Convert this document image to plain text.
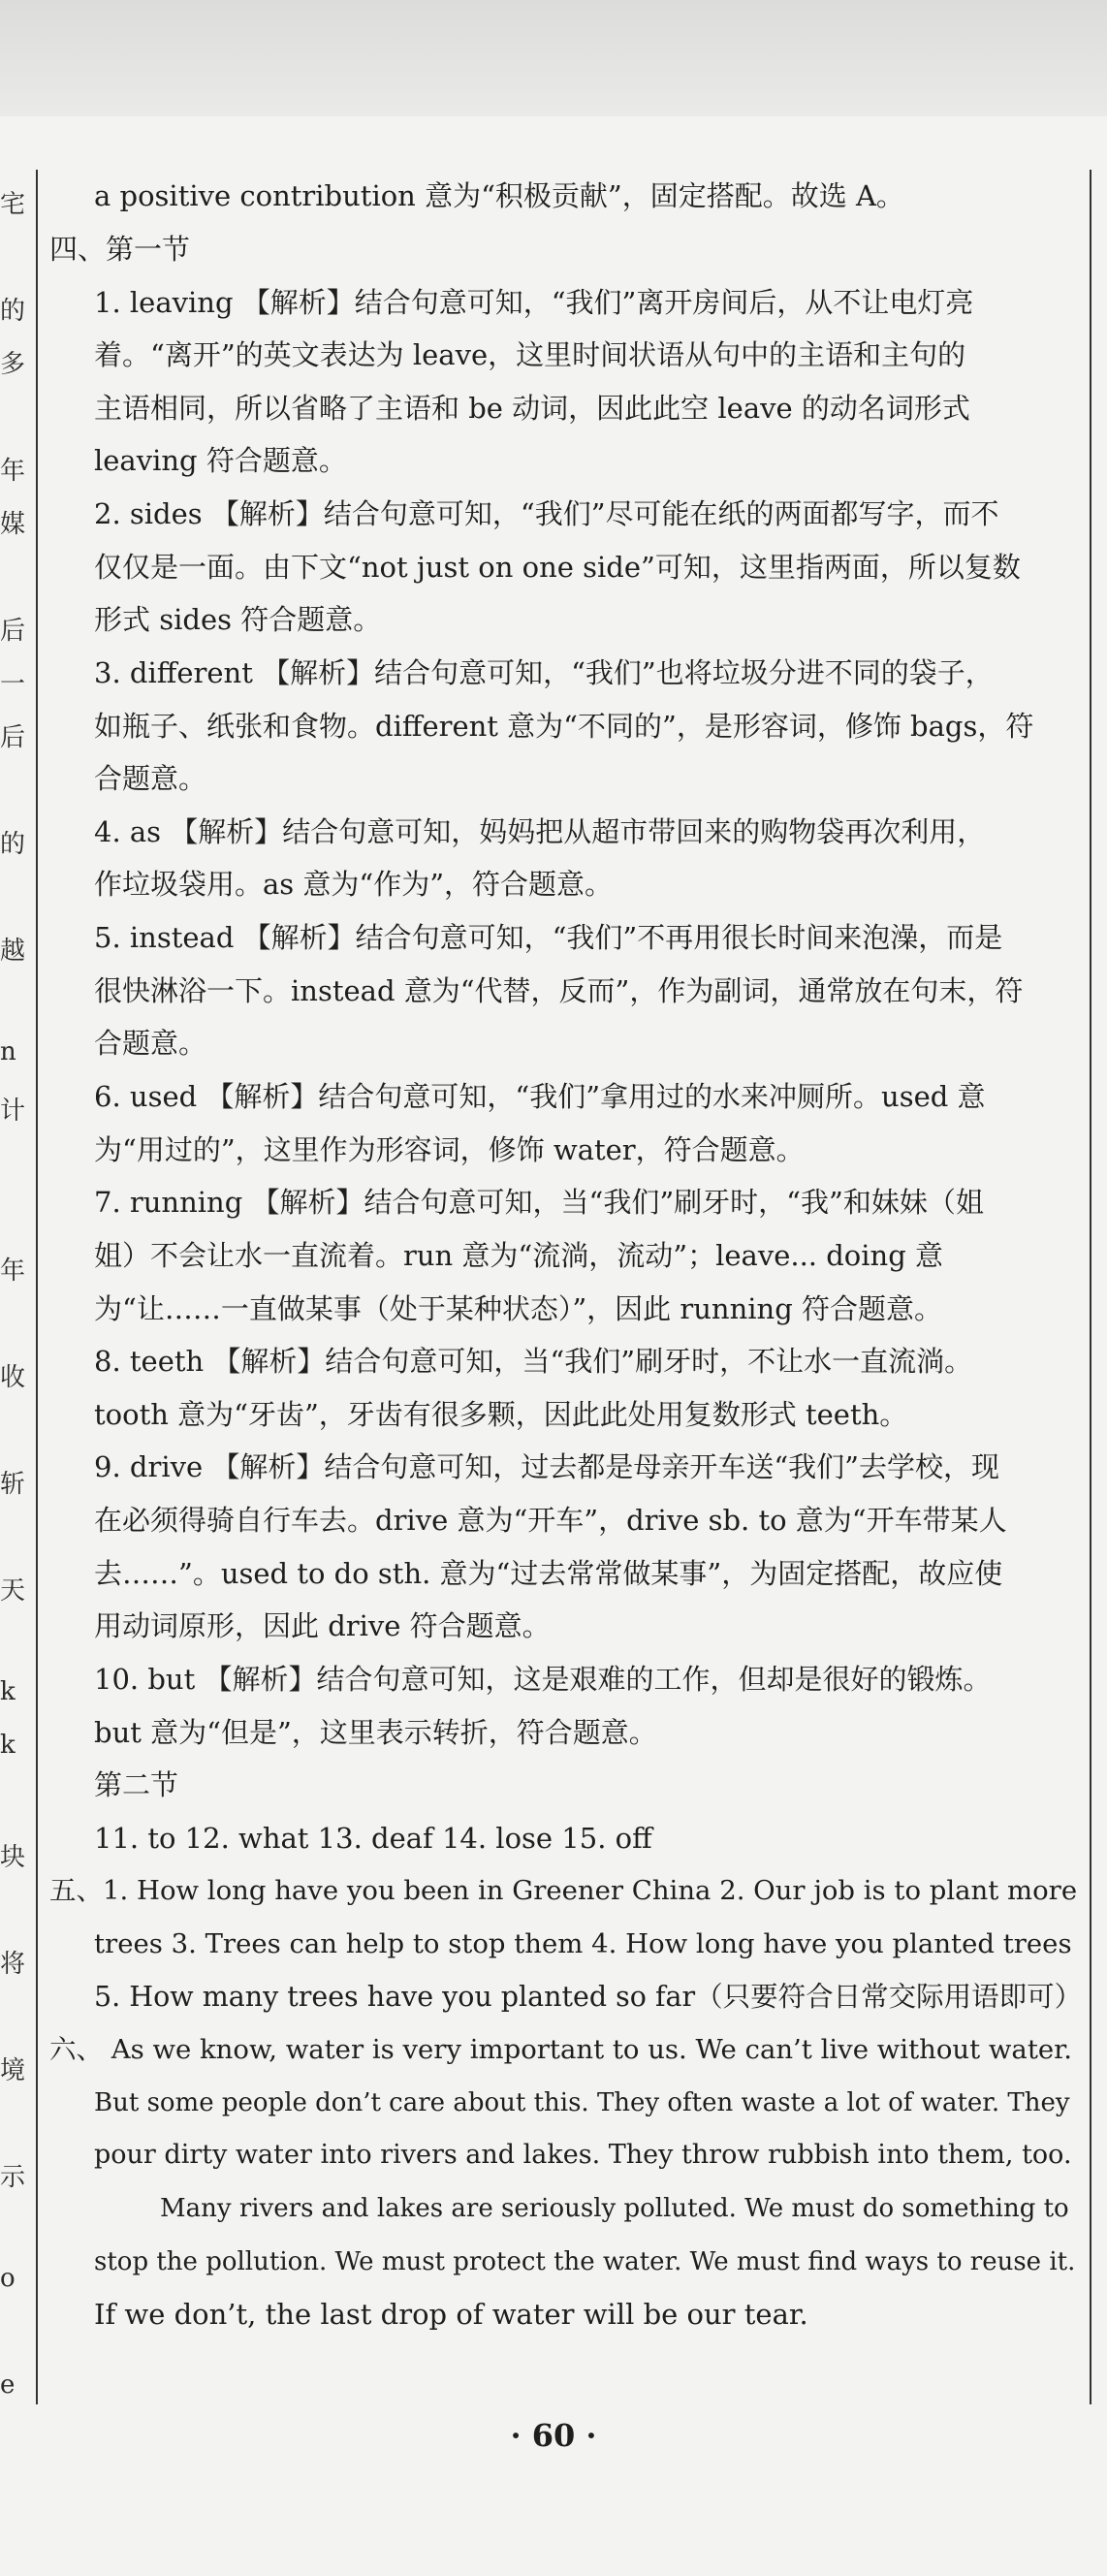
宅
的
多
年
媒
后
一
后
的
越
n
计
年
收
斩
天
k
k
块
将
境
示
o
e
a positive contribution 意为“积极贡献”，固定搭配。故选 A。
四、第一节
1. leaving 【解析】结合句意可知，“我们”离开房间后，从不让电灯亮
着。“离开”的英文表达为 leave，这里时间状语从句中的主语和主句的
主语相同，所以省略了主语和 be 动词，因此此空 leave 的动名词形式
leaving 符合题意。
2. sides 【解析】结合句意可知，“我们”尽可能在纸的两面都写字，而不
仅仅是一面。由下文“not just on one side”可知，这里指两面，所以复数
形式 sides 符合题意。
3. different 【解析】结合句意可知，“我们”也将垃圾分进不同的袋子，
如瓶子、纸张和食物。different 意为“不同的”，是形容词，修饰 bags，符
合题意。
4. as 【解析】结合句意可知，妈妈把从超市带回来的购物袋再次利用，
作垃圾袋用。as 意为“作为”，符合题意。
5. instead 【解析】结合句意可知，“我们”不再用很长时间来泡澡，而是
很快淋浴一下。instead 意为“代替，反而”，作为副词，通常放在句末，符
合题意。
6. used 【解析】结合句意可知，“我们”拿用过的水来冲厕所。used 意
为“用过的”，这里作为形容词，修饰 water，符合题意。
7. running 【解析】结合句意可知，当“我们”刷牙时，“我”和妹妹（姐
姐）不会让水一直流着。run 意为“流淌，流动”；leave... doing 意
为“让……一直做某事（处于某种状态）”，因此 running 符合题意。
8. teeth 【解析】结合句意可知，当“我们”刷牙时，不让水一直流淌。
tooth 意为“牙齿”，牙齿有很多颗，因此此处用复数形式 teeth。
9. drive 【解析】结合句意可知，过去都是母亲开车送“我们”去学校，现
在必须得骑自行车去。drive 意为“开车”，drive sb. to 意为“开车带某人
去……”。used to do sth. 意为“过去常常做某事”，为固定搭配，故应使
用动词原形，因此 drive 符合题意。
10. but 【解析】结合句意可知，这是艰难的工作，但却是很好的锻炼。
but 意为“但是”，这里表示转折，符合题意。
第二节
11. to 12. what 13. deaf 14. lose 15. off
五、1. How long have you been in Greener China 2. Our job is to plant more
trees 3. Trees can help to stop them 4. How long have you planted trees
5. How many trees have you planted so far（只要符合日常交际用语即可）
六、 As we know, water is very important to us. We can’t live without water.
But some people don’t care about this. They often waste a lot of water. They
pour dirty water into rivers and lakes. They throw rubbish into them, too.
Many rivers and lakes are seriously polluted. We must do something to
stop the pollution. We must protect the water. We must find ways to reuse it.
If we don’t, the last drop of water will be our tear.
· 60 ·
